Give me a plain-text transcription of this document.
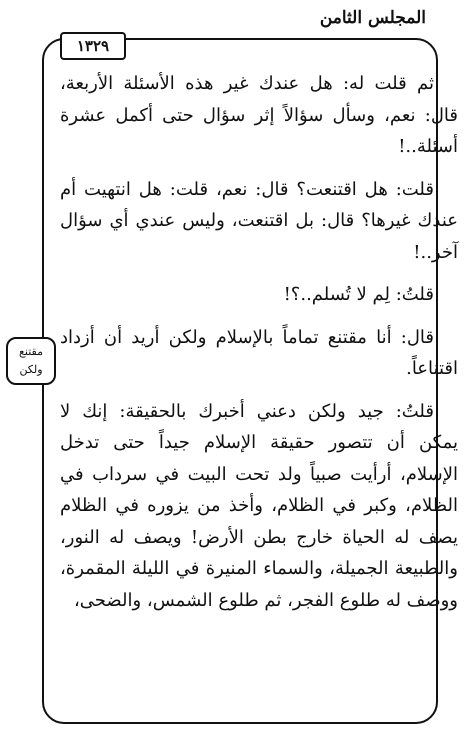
المجلس الثامن
١٣٢٩
مقتنع
ولكن

ثم قلت له: هل عندك غير هذه الأسئلة الأربعة، قال: نعم، وسأل سؤالاً إثر سؤال حتى أكمل عشرة أسئلة..!

قلت: هل اقتنعت؟ قال: نعم، قلت: هل انتهيت أم عندك غيرها؟ قال: بل اقتنعت، وليس عندي أي سؤال آخر..!

قلتُ: لِم لا تُسلم..؟!

قال: أنا مقتنع تماماً بالإسلام ولكن أريد أن أزداد اقتناعاً.

قلتُ: جيد ولكن دعني أخبرك بالحقيقة: إنك لا يمكن أن تتصور حقيقة الإسلام جيداً حتى تدخل الإسلام، أرأيت صبياً ولد تحت البيت في سرداب في الظلام، وكبر في الظلام، وأخذ من يزوره في الظلام يصف له الحياة خارج بطن الأرض! ويصف له النور، والطبيعة الجميلة، والسماء المنيرة في الليلة المقمرة، ووصف له طلوع الفجر، ثم طلوع الشمس، والضحى،
